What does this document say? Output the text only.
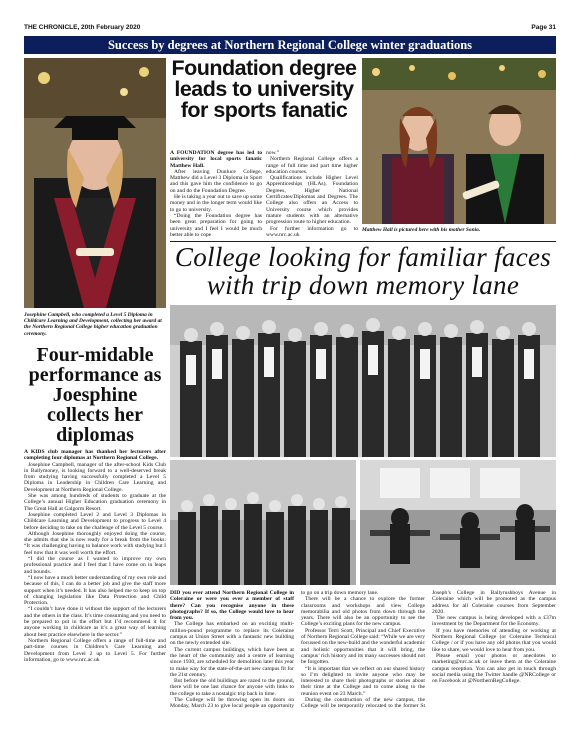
THE CHRONICLE, 20th February 2020	Page 31
Success by degrees at Northern Regional College winter graduations
Foundation degree leads to university for sports fanatic

A FOUNDATION degree has led to university for local sports fanatic Matthew Hall.

After leaving Dunluce College, Matthew did a Level 3 Diploma in Sport and this gave him the confidence to go on and do the Foundation Degree.

He is taking a year out to save up some money and in the longer term would like to go to university.

“Doing the Foundation degree has been great preparation for going to university and I feel I would be much better able to cope

now.”

Northern Regional College offers a range of full time and part time higher education courses.

Qualifications include Higher Level Apprenticeships (HLAs), Foundation Degrees, Higher National Certificates/Diplomas and Degrees. The College also offers an Access to University course which provides mature students with an alternative progression route to higher education.

For further information go to www.nrc.ac.uk

Matthew Hall is pictured here with his mother Sonia.
College looking for familiar faces
with trip down memory lane
Josephine Campbell, who completed a Level 5 Diploma in Childcare Learning and Development, collecting her award at the Northern Regional College higher education graduation ceremony.
Four-midable performance as Joesphine collects her diplomas

A KIDS club manager has thanked her lecturers after completing four diplomas at Northern Regional College.

Josephine Campbell, manager of the after-school Kids Club in Ballymoney, is looking forward to a well-deserved break from studying having successfully completed a Level 5 Diploma in Leadership in Children Care Learning and Development at Northern Regional College.

She was among hundreds of students to graduate at the College’s annual Higher Education graduation ceremony in The Great Hall at Galgorm Resort.

Josephine completed Level 2 and Level 3 Diplomas in Childcare Learning and Development to progress to Level 4 before deciding to take on the challenge of the Level 5 course.

Although Josephine thoroughly enjoyed doing the course, she admits that she is now ready for a break from the books: “It was challenging having to balance work with studying but I feel now that it was well worth the effort.

“I did the course as I wanted to improve my own professional practice and I feel that I have come on in leaps and bounds.

“I now have a much better understanding of my own role and because of this, I can do a better job and give the staff more support when it’s needed. It has also helped me to keep on top of changing legislation like Data Protection and Child Protection.

“I couldn’t have done it without the support of the lecturers and the others in the class. It’s time consuming and you need to be prepared to put in the effort but I’d recommend it for anyone working in childcare as it’s a great way of learning about best practice elsewhere in the sector.”

Northern Regional College offers a range of full-time and part-time courses in Children’s Care Learning and Development from Level 2 up to Level 5. For further information, go to www.nrc.ac.uk

DID you ever attend Northern Regional College in Coleraine or were you ever a member of staff there? Can you recognise anyone in these photographs? If so, the College would love to hear from you.

The College has embarked on an exciting multi-million-pound programme to replace its Coleraine campus at Union Street with a fantastic new building on the newly extended site.

The current campus buildings, which have been at the heart of the community and a centre of learning since 1930, are scheduled for demolition later this year to make way for the state-of-the-art new campus fit for the 21st century.

But before the old buildings are razed to the ground, there will be one last chance for anyone with links to the college to take a nostalgic trip back in time.

The College will be throwing open its doors on Monday, March 23 to give local people an opportunity to go on a trip down memory lane.

There will be a chance to explore the former classrooms and workshops and view College memorabilia and old photos from down through the years. There will also be an opportunity to see the College’s exciting plans for the new campus.

Professor Terri Scott, Principal and Chief Executive of Northern Regional College said: “While we are very focussed on the new-build and the wonderful academic and holistic opportunities that it will bring, the campus’ rich history and its many successes should not be forgotten.

“It is important that we reflect on our shared history so I’m delighted to invite anyone who may be interested to share their photographs or stories about their time at the College and to come along to the reunion event on 23 March.”

During the construction of the new campus, the College will be temporarily relocated to the former St Joseph’s College in Ballyrushboys Avenue in Coleraine which will be promoted as the campus address for all Coleraine courses from September 2020.

The new campus is being developed with a £37m investment by the Department for the Economy.

If you have memories of attending or working at Northern Regional College (or Coleraine Technical College / or if you have any old photos that you would like to share, we would love to hear from you.

Please email your photos or anecdotes to marketing@nrc.ac.uk or leave them at the Coleraine campus reception. You can also get in touch through social media using the Twitter handle @NRCollege or on Facebook at @NorthernRegCollege.
